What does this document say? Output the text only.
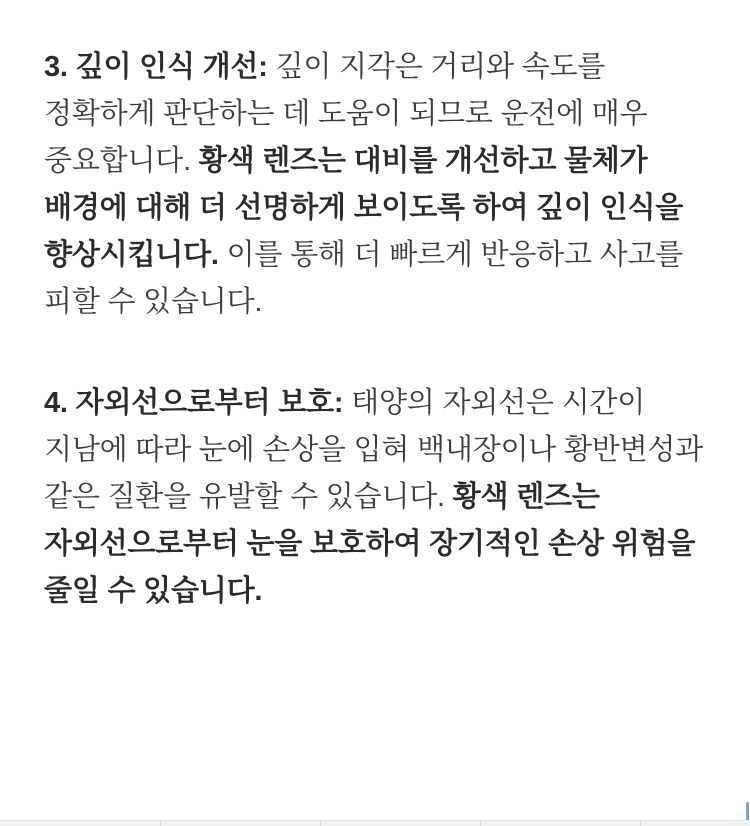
3. 깊이 인식 개선: 깊이 지각은 거리와 속도를 정확하게 판단하는 데 도움이 되므로 운전에 매우 중요합니다. 황색 렌즈는 대비를 개선하고 물체가 배경에 대해 더 선명하게 보이도록 하여 깊이 인식을 향상시킵니다. 이를 통해 더 빠르게 반응하고 사고를 피할 수 있습니다.
4. 자외선으로부터 보호: 태양의 자외선은 시간이 지남에 따라 눈에 손상을 입혀 백내장이나 황반변성과 같은 질환을 유발할 수 있습니다. 황색 렌즈는 자외선으로부터 눈을 보호하여 장기적인 손상 위험을 줄일 수 있습니다.
